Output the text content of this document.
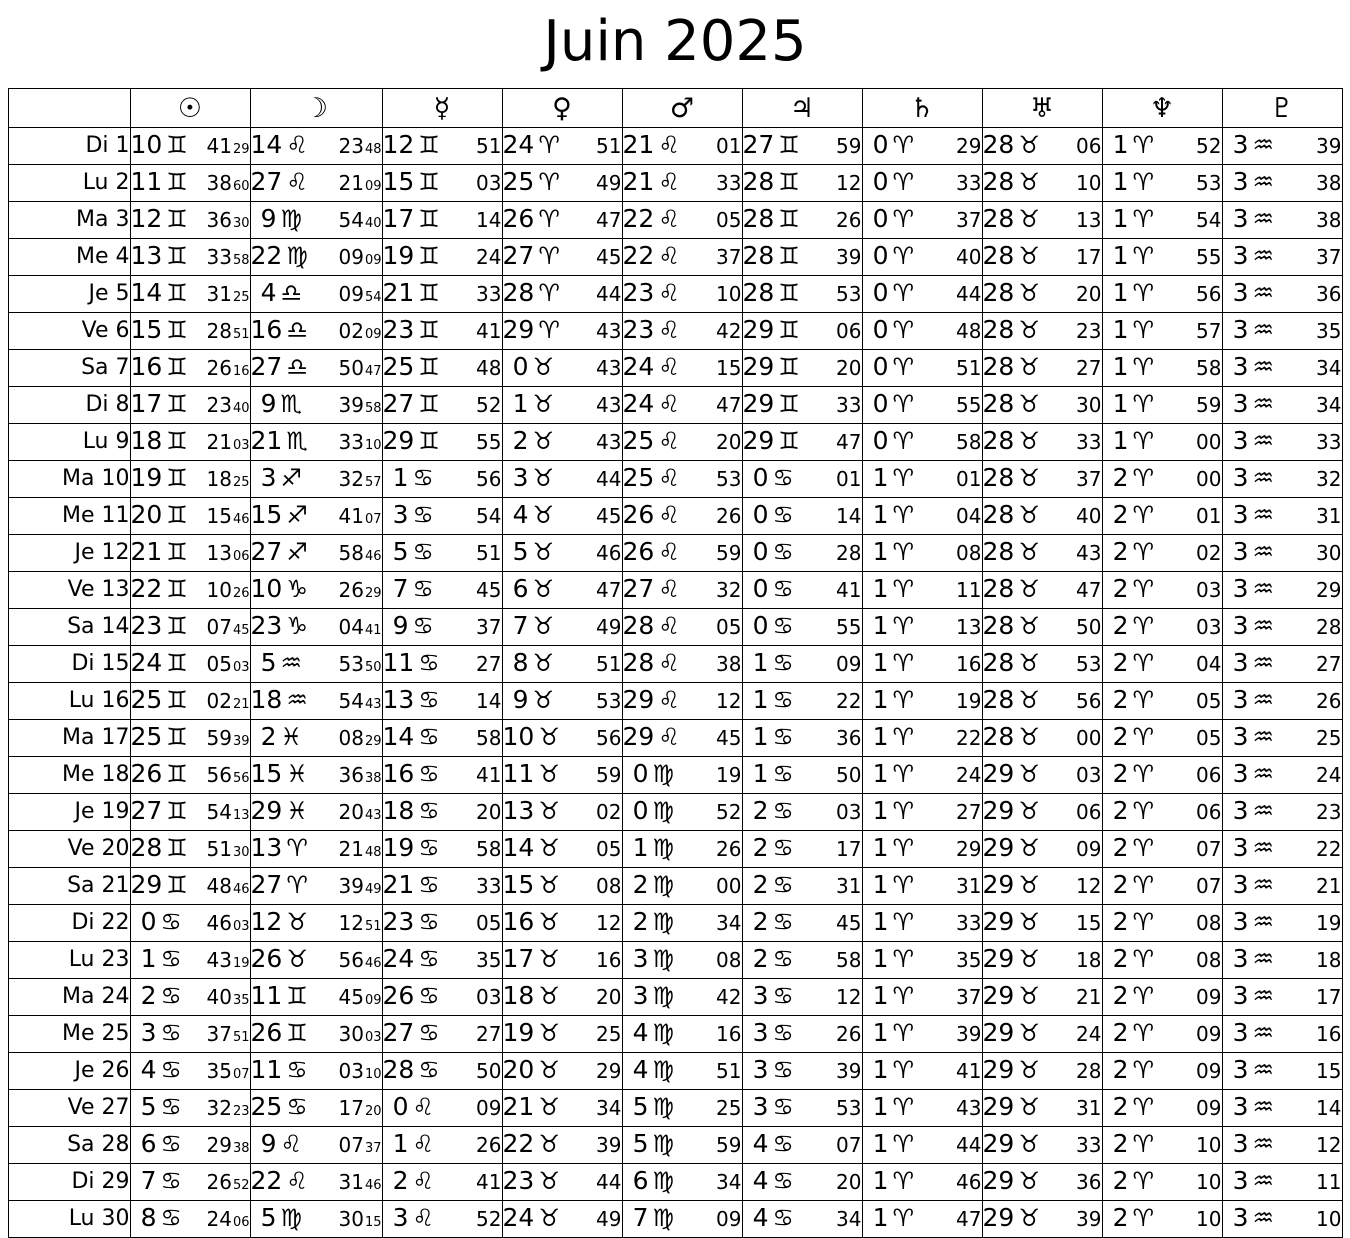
Juin 2025
	☉	☽	☿	♀	♂	♃	♄	♅	♆	♇
Di 1	10 ♊ 41 29	14 ♌ 23 48	12 ♊ 51	24 ♈ 51	21 ♌ 01	27 ♊ 59	0 ♈ 29	28 ♉ 06	1 ♈ 52	3 ♒ 39

Lu 2	11 ♊ 38 60	27 ♌ 21 09	15 ♊ 03	25 ♈ 49	21 ♌ 33	28 ♊ 12	0 ♈ 33	28 ♉ 10	1 ♈ 53	3 ♒ 38

Ma 3	12 ♊ 36 30	9 ♍ 54 40	17 ♊ 14	26 ♈ 47	22 ♌ 05	28 ♊ 26	0 ♈ 37	28 ♉ 13	1 ♈ 54	3 ♒ 38

Me 4	13 ♊ 33 58	22 ♍ 09 09	19 ♊ 24	27 ♈ 45	22 ♌ 37	28 ♊ 39	0 ♈ 40	28 ♉ 17	1 ♈ 55	3 ♒ 37

Je 5	14 ♊ 31 25	4 ♎ 09 54	21 ♊ 33	28 ♈ 44	23 ♌ 10	28 ♊ 53	0 ♈ 44	28 ♉ 20	1 ♈ 56	3 ♒ 36

Ve 6	15 ♊ 28 51	16 ♎ 02 09	23 ♊ 41	29 ♈ 43	23 ♌ 42	29 ♊ 06	0 ♈ 48	28 ♉ 23	1 ♈ 57	3 ♒ 35

Sa 7	16 ♊ 26 16	27 ♎ 50 47	25 ♊ 48	0 ♉ 43	24 ♌ 15	29 ♊ 20	0 ♈ 51	28 ♉ 27	1 ♈ 58	3 ♒ 34

Di 8	17 ♊ 23 40	9 ♏ 39 58	27 ♊ 52	1 ♉ 43	24 ♌ 47	29 ♊ 33	0 ♈ 55	28 ♉ 30	1 ♈ 59	3 ♒ 34

Lu 9	18 ♊ 21 03	21 ♏ 33 10	29 ♊ 55	2 ♉ 43	25 ♌ 20	29 ♊ 47	0 ♈ 58	28 ♉ 33	1 ♈ 00	3 ♒ 33

Ma 10	19 ♊ 18 25	3 ♐ 32 57	1 ♋ 56	3 ♉ 44	25 ♌ 53	0 ♋ 01	1 ♈ 01	28 ♉ 37	2 ♈ 00	3 ♒ 32

Me 11	20 ♊ 15 46	15 ♐ 41 07	3 ♋ 54	4 ♉ 45	26 ♌ 26	0 ♋ 14	1 ♈ 04	28 ♉ 40	2 ♈ 01	3 ♒ 31

Je 12	21 ♊ 13 06	27 ♐ 58 46	5 ♋ 51	5 ♉ 46	26 ♌ 59	0 ♋ 28	1 ♈ 08	28 ♉ 43	2 ♈ 02	3 ♒ 30

Ve 13	22 ♊ 10 26	10 ♑ 26 29	7 ♋ 45	6 ♉ 47	27 ♌ 32	0 ♋ 41	1 ♈ 11	28 ♉ 47	2 ♈ 03	3 ♒ 29

Sa 14	23 ♊ 07 45	23 ♑ 04 41	9 ♋ 37	7 ♉ 49	28 ♌ 05	0 ♋ 55	1 ♈ 13	28 ♉ 50	2 ♈ 03	3 ♒ 28

Di 15	24 ♊ 05 03	5 ♒ 53 50	11 ♋ 27	8 ♉ 51	28 ♌ 38	1 ♋ 09	1 ♈ 16	28 ♉ 53	2 ♈ 04	3 ♒ 27

Lu 16	25 ♊ 02 21	18 ♒ 54 43	13 ♋ 14	9 ♉ 53	29 ♌ 12	1 ♋ 22	1 ♈ 19	28 ♉ 56	2 ♈ 05	3 ♒ 26

Ma 17	25 ♊ 59 39	2 ♓ 08 29	14 ♋ 58	10 ♉ 56	29 ♌ 45	1 ♋ 36	1 ♈ 22	28 ♉ 00	2 ♈ 05	3 ♒ 25

Me 18	26 ♊ 56 56	15 ♓ 36 38	16 ♋ 41	11 ♉ 59	0 ♍ 19	1 ♋ 50	1 ♈ 24	29 ♉ 03	2 ♈ 06	3 ♒ 24

Je 19	27 ♊ 54 13	29 ♓ 20 43	18 ♋ 20	13 ♉ 02	0 ♍ 52	2 ♋ 03	1 ♈ 27	29 ♉ 06	2 ♈ 06	3 ♒ 23

Ve 20	28 ♊ 51 30	13 ♈ 21 48	19 ♋ 58	14 ♉ 05	1 ♍ 26	2 ♋ 17	1 ♈ 29	29 ♉ 09	2 ♈ 07	3 ♒ 22

Sa 21	29 ♊ 48 46	27 ♈ 39 49	21 ♋ 33	15 ♉ 08	2 ♍ 00	2 ♋ 31	1 ♈ 31	29 ♉ 12	2 ♈ 07	3 ♒ 21

Di 22	0 ♋ 46 03	12 ♉ 12 51	23 ♋ 05	16 ♉ 12	2 ♍ 34	2 ♋ 45	1 ♈ 33	29 ♉ 15	2 ♈ 08	3 ♒ 19

Lu 23	1 ♋ 43 19	26 ♉ 56 46	24 ♋ 35	17 ♉ 16	3 ♍ 08	2 ♋ 58	1 ♈ 35	29 ♉ 18	2 ♈ 08	3 ♒ 18

Ma 24	2 ♋ 40 35	11 ♊ 45 09	26 ♋ 03	18 ♉ 20	3 ♍ 42	3 ♋ 12	1 ♈ 37	29 ♉ 21	2 ♈ 09	3 ♒ 17

Me 25	3 ♋ 37 51	26 ♊ 30 03	27 ♋ 27	19 ♉ 25	4 ♍ 16	3 ♋ 26	1 ♈ 39	29 ♉ 24	2 ♈ 09	3 ♒ 16

Je 26	4 ♋ 35 07	11 ♋ 03 10	28 ♋ 50	20 ♉ 29	4 ♍ 51	3 ♋ 39	1 ♈ 41	29 ♉ 28	2 ♈ 09	3 ♒ 15

Ve 27	5 ♋ 32 23	25 ♋ 17 20	0 ♌ 09	21 ♉ 34	5 ♍ 25	3 ♋ 53	1 ♈ 43	29 ♉ 31	2 ♈ 09	3 ♒ 14

Sa 28	6 ♋ 29 38	9 ♌ 07 37	1 ♌ 26	22 ♉ 39	5 ♍ 59	4 ♋ 07	1 ♈ 44	29 ♉ 33	2 ♈ 10	3 ♒ 12

Di 29	7 ♋ 26 52	22 ♌ 31 46	2 ♌ 41	23 ♉ 44	6 ♍ 34	4 ♋ 20	1 ♈ 46	29 ♉ 36	2 ♈ 10	3 ♒ 11

Lu 30	8 ♋ 24 06	5 ♍ 30 15	3 ♌ 52	24 ♉ 49	7 ♍ 09	4 ♋ 34	1 ♈ 47	29 ♉ 39	2 ♈ 10	3 ♒ 10
